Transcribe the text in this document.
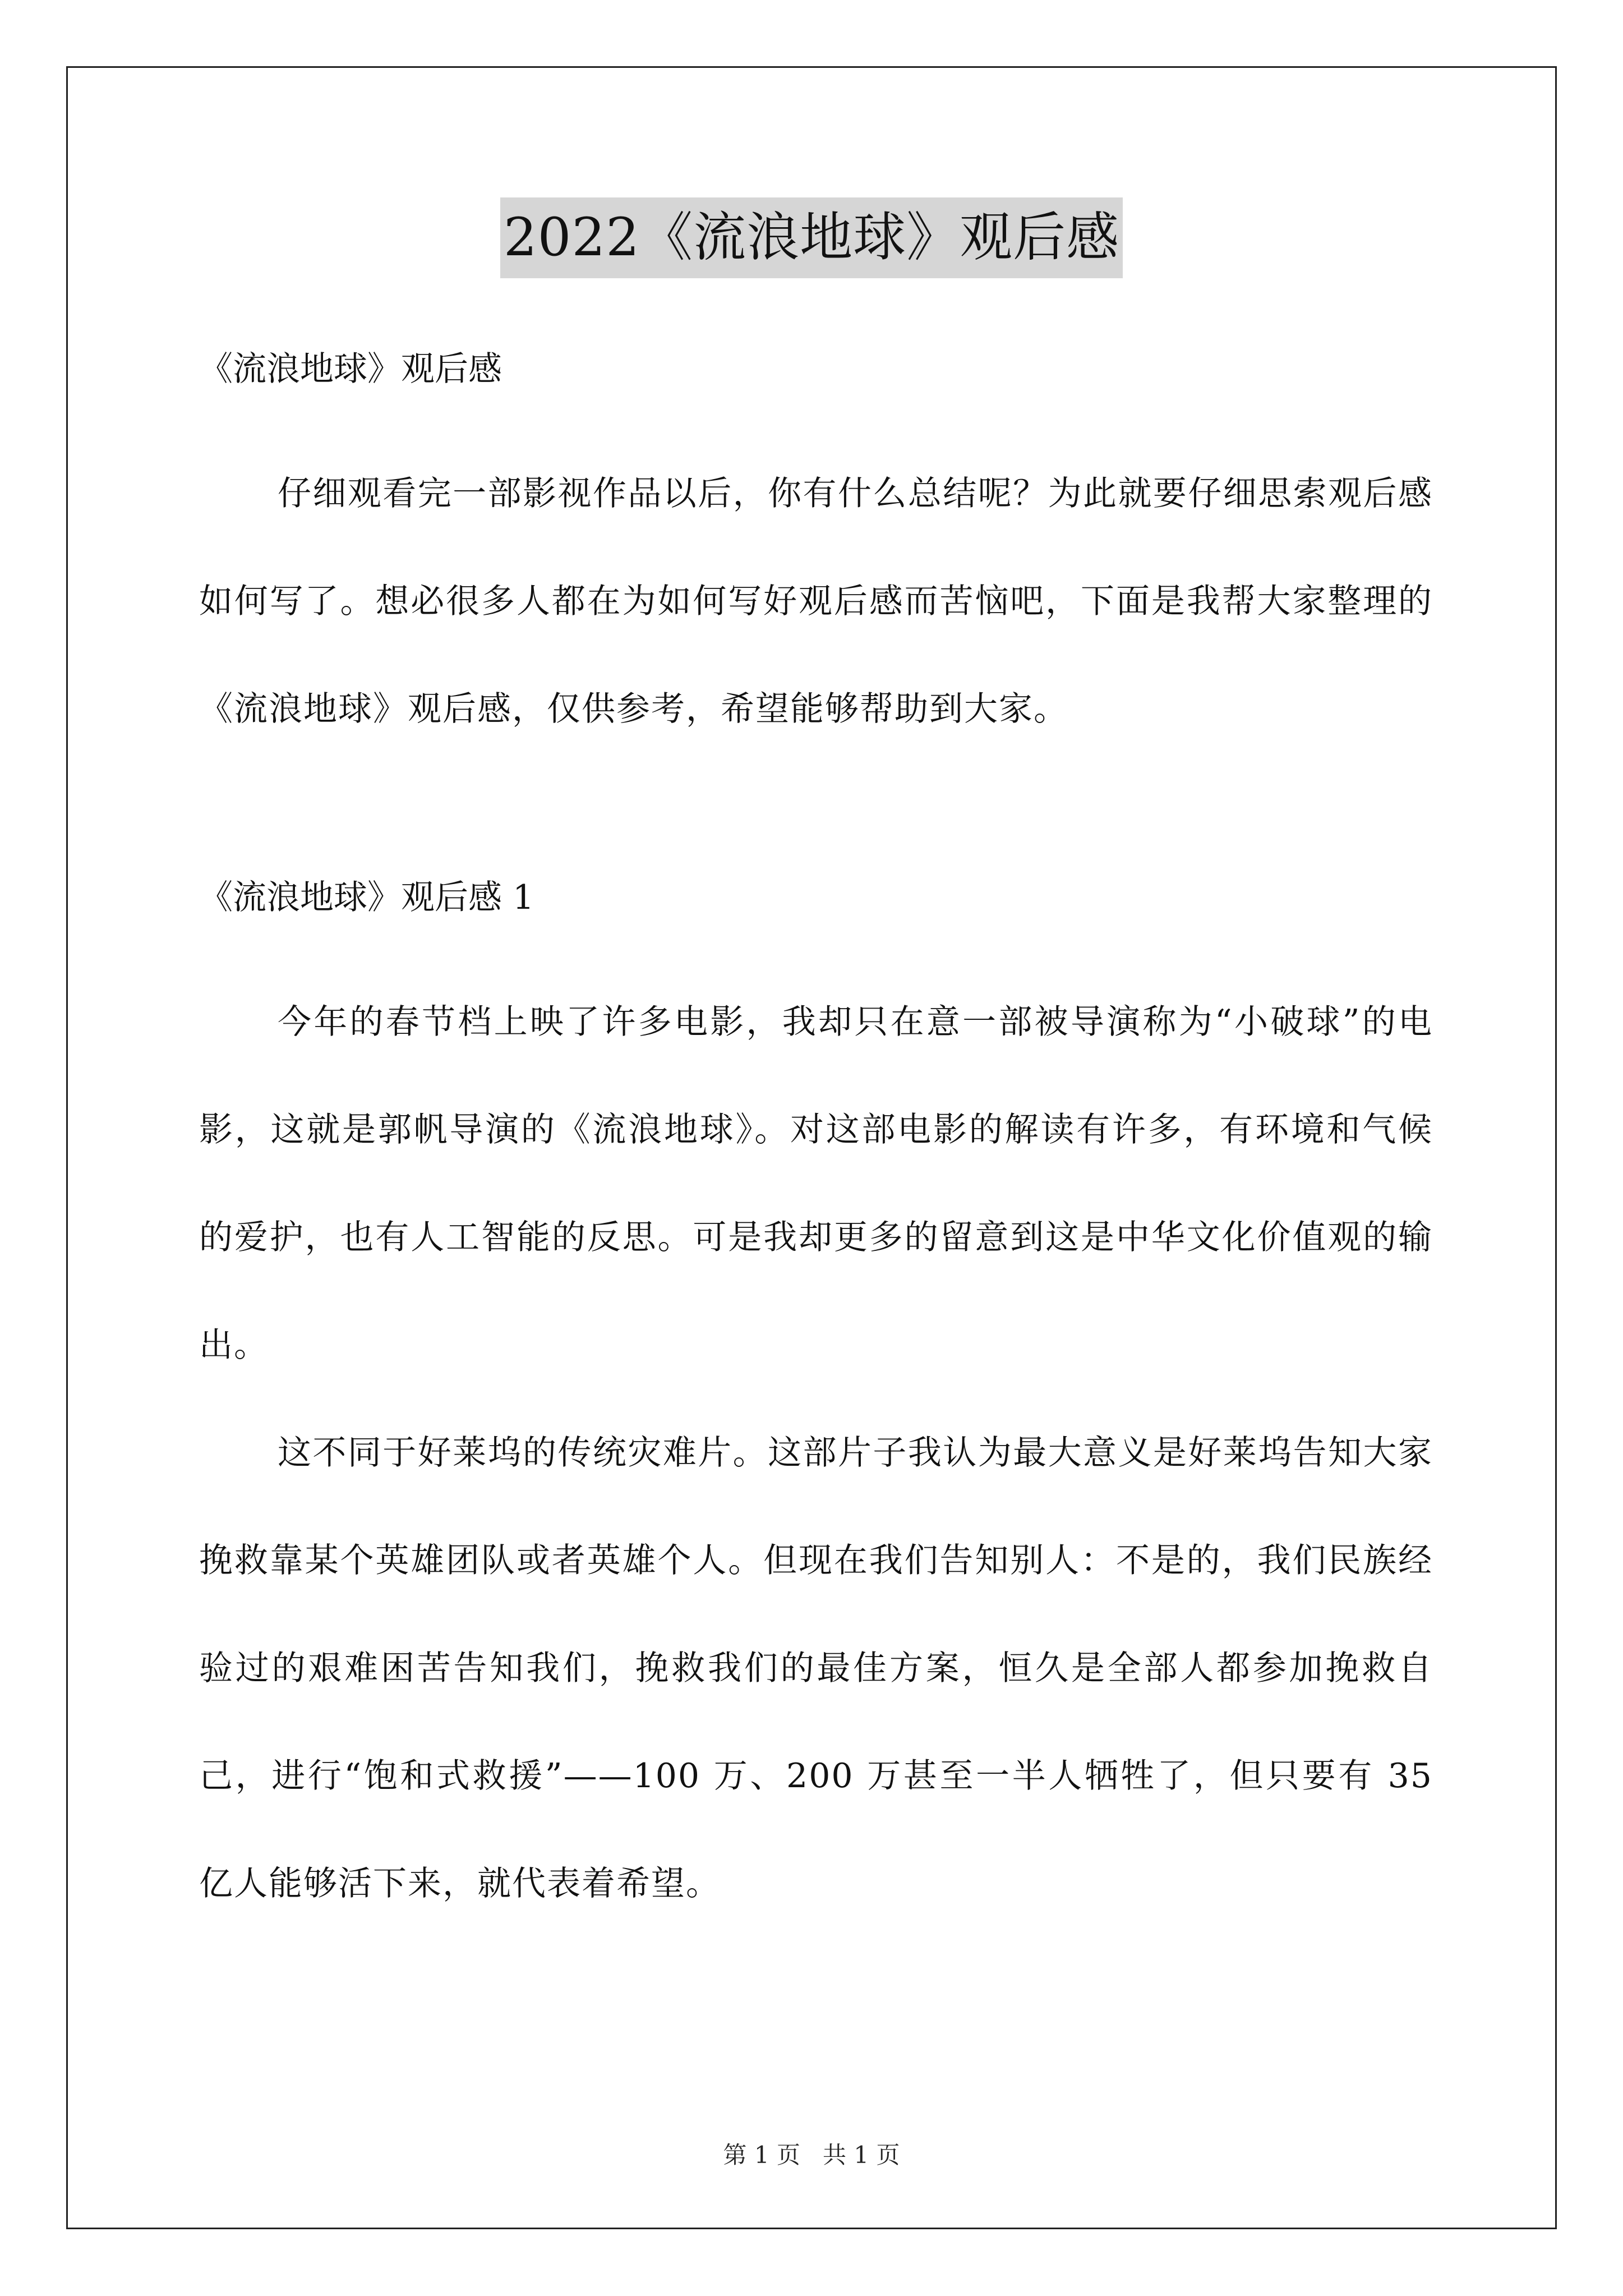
2022《流浪地球》观后感

《流浪地球》观后感

仔细观看完一部影视作品以后，你有什么总结呢？为此就要仔细思索观后感如何写了。想必很多人都在为如何写好观后感而苦恼吧，下面是我帮大家整理的《流浪地球》观后感，仅供参考，希望能够帮助到大家。

《流浪地球》观后感 1

今年的春节档上映了许多电影，我却只在意一部被导演称为“小破球”的电影，这就是郭帆导演的《流浪地球》。对这部电影的解读有许多，有环境和气候的爱护，也有人工智能的反思。可是我却更多的留意到这是中华文化价值观的输出。

这不同于好莱坞的传统灾难片。这部片子我认为最大意义是好莱坞告知大家挽救靠某个英雄团队或者英雄个人。但现在我们告知别人：不是的，我们民族经验过的艰难困苦告知我们，挽救我们的最佳方案，恒久是全部人都参加挽救自己，进行“饱和式救援”——100 万、200 万甚至一半人牺牲了，但只要有 35 亿人能够活下来，就代表着希望。

第 1 页   共 1 页
